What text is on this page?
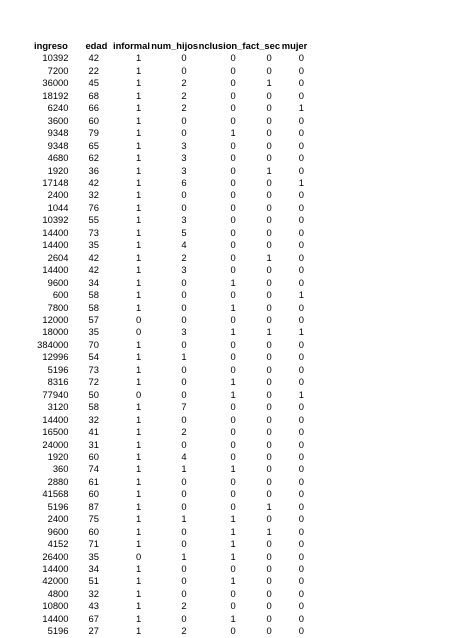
ingreso	edad	informal	num_hijos	nclusion_f	act_sec	mujer
10392	42	1	0	0	0	0
7200	22	1	0	0	0	0
36000	45	1	2	0	1	0
18192	68	1	2	0	0	0
6240	66	1	2	0	0	1
3600	60	1	0	0	0	0
9348	79	1	0	1	0	0
9348	65	1	3	0	0	0
4680	62	1	3	0	0	0
1920	36	1	3	0	1	0
17148	42	1	6	0	0	1
2400	32	1	0	0	0	0
1044	76	1	0	0	0	0
10392	55	1	3	0	0	0
14400	73	1	5	0	0	0
14400	35	1	4	0	0	0
2604	42	1	2	0	1	0
14400	42	1	3	0	0	0
9600	34	1	0	1	0	0
600	58	1	0	0	0	1
7800	58	1	0	1	0	0
12000	57	0	0	0	0	0
18000	35	0	3	1	1	1
384000	70	1	0	0	0	0
12996	54	1	1	0	0	0
5196	73	1	0	0	0	0
8316	72	1	0	1	0	0
77940	50	0	0	1	0	1
3120	58	1	7	0	0	0
14400	32	1	0	0	0	0
16500	41	1	2	0	0	0
24000	31	1	0	0	0	0
1920	60	1	4	0	0	0
360	74	1	1	1	0	0
2880	61	1	0	0	0	0
41568	60	1	0	0	0	0
5196	87	1	0	0	1	0
2400	75	1	1	1	0	0
9600	60	1	0	1	1	0
4152	71	1	0	1	0	0
26400	35	0	1	1	0	0
14400	34	1	0	0	0	0
42000	51	1	0	1	0	0
4800	32	1	0	0	0	0
10800	43	1	2	0	0	0
14400	67	1	0	1	0	0
5196	27	1	2	0	0	0
